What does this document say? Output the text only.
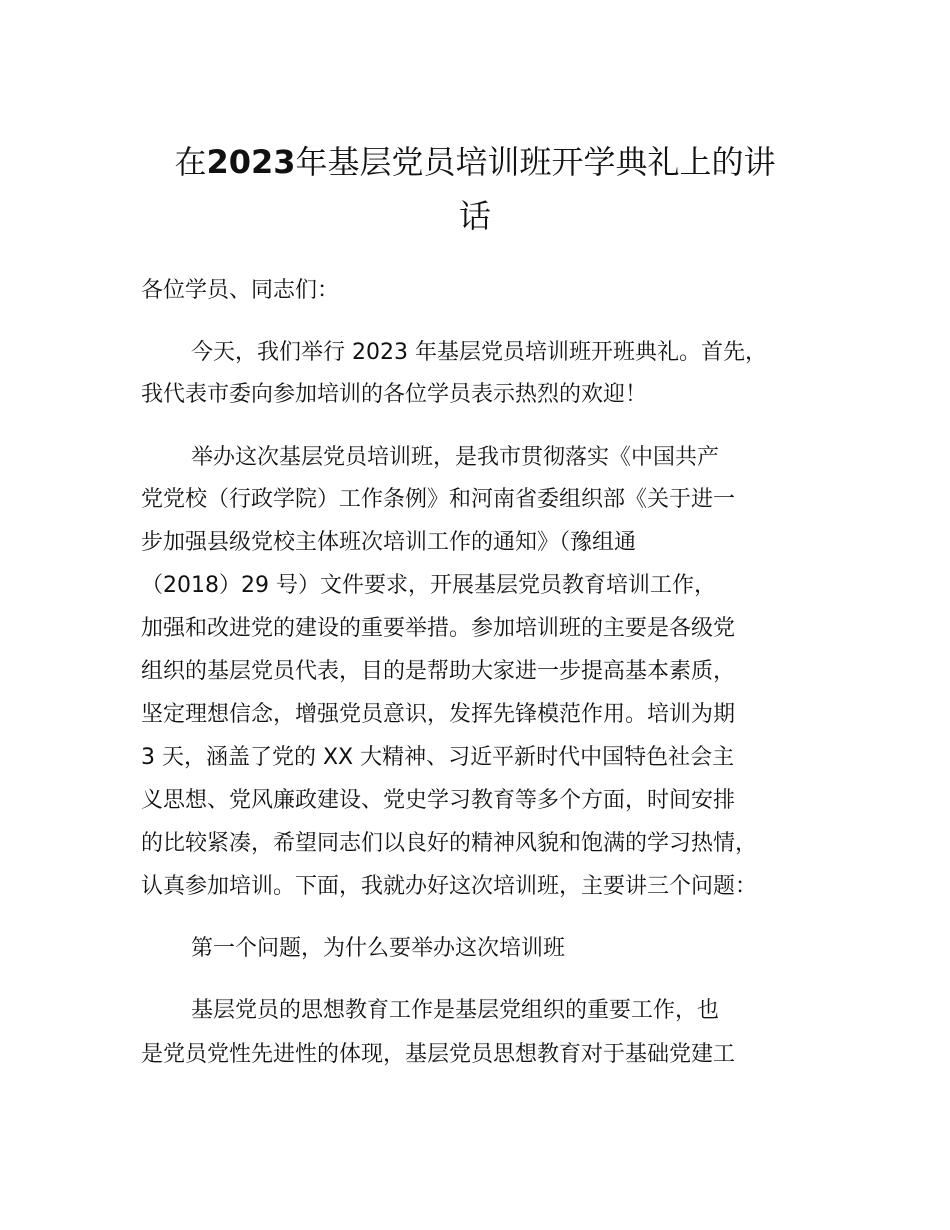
在2023年基层党员培训班开学典礼上的讲
话

各位学员、同志们：

今天，我们举行 2023 年基层党员培训班开班典礼。首先，

我代表市委向参加培训的各位学员表示热烈的欢迎！

举办这次基层党员培训班，是我市贯彻落实《中国共产

党党校（行政学院）工作条例》和河南省委组织部《关于进一

步加强县级党校主体班次培训工作的通知》（豫组通

（2018）29 号）文件要求，开展基层党员教育培训工作，

加强和改进党的建设的重要举措。参加培训班的主要是各级党

组织的基层党员代表，目的是帮助大家进一步提高基本素质，

坚定理想信念，增强党员意识，发挥先锋模范作用。培训为期

3 天，涵盖了党的 XX 大精神、习近平新时代中国特色社会主

义思想、党风廉政建设、党史学习教育等多个方面，时间安排

的比较紧凑，希望同志们以良好的精神风貌和饱满的学习热情，

认真参加培训。下面，我就办好这次培训班，主要讲三个问题：

第一个问题，为什么要举办这次培训班

基层党员的思想教育工作是基层党组织的重要工作，也

是党员党性先进性的体现，基层党员思想教育对于基础党建工
